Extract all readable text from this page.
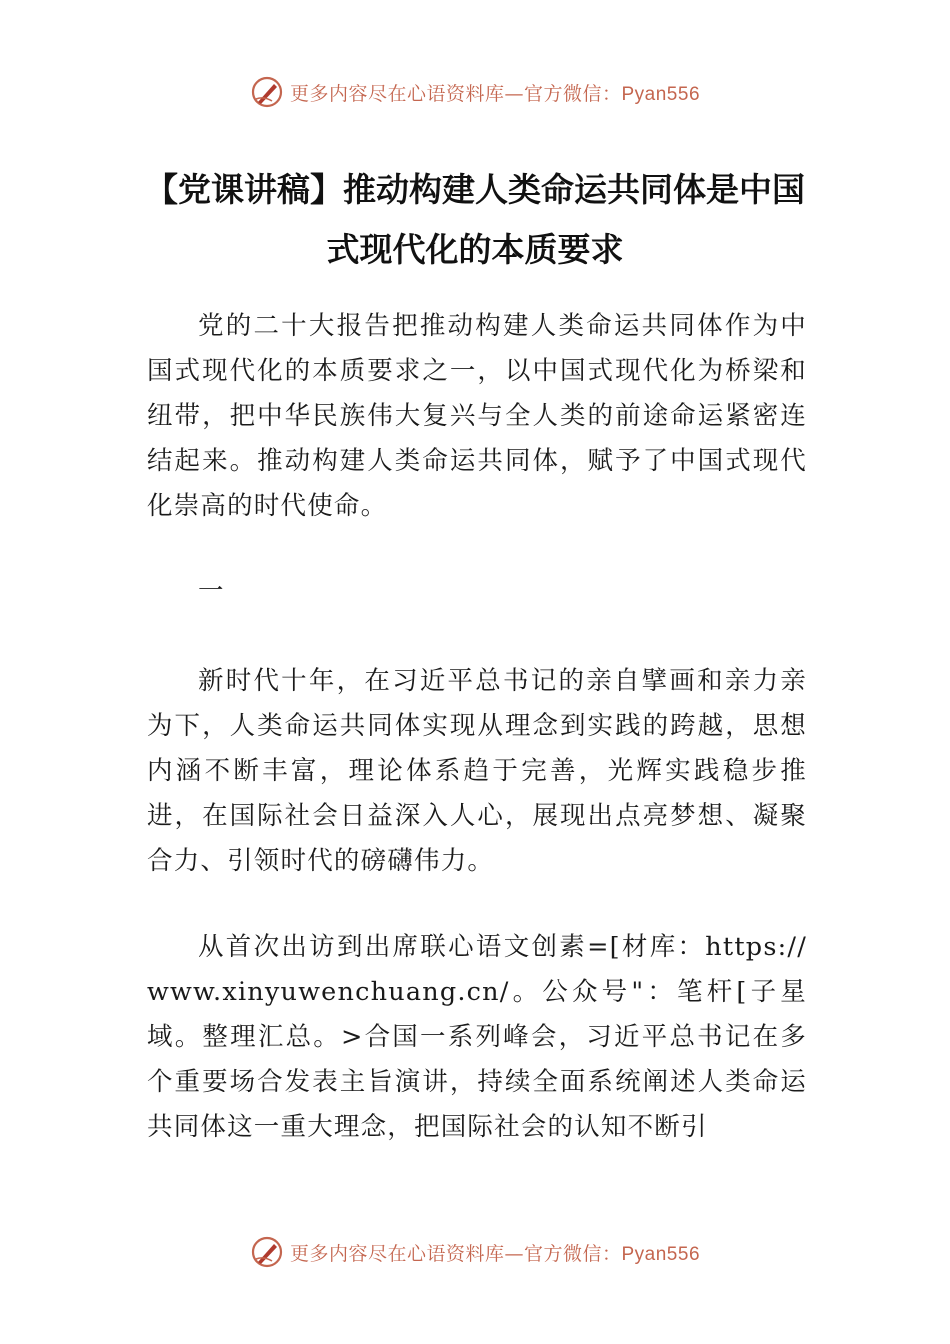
更多内容尽在心语资料库—官方微信：Pyan556
【党课讲稿】推动构建人类命运共同体是中国式现代化的本质要求

党的二十大报告把推动构建人类命运共同体作为中国式现代化的本质要求之一，以中国式现代化为桥梁和纽带，把中华民族伟大复兴与全人类的前途命运紧密连结起来。推动构建人类命运共同体，赋予了中国式现代化崇高的时代使命。

一

新时代十年，在习近平总书记的亲自擘画和亲力亲为下，人类命运共同体实现从理念到实践的跨越，思想内涵不断丰富，理论体系趋于完善，光辉实践稳步推进，在国际社会日益深入人心，展现出点亮梦想、凝聚合力、引领时代的磅礴伟力。

从首次出访到出席联心语文创素=[材库：https://www.xinyuwenchuang.cn/。公众号"：笔杆[子星域。整理汇总。>合国一系列峰会，习近平总书记在多个重要场合发表主旨演讲，持续全面系统阐述人类命运共同体这一重大理念，把国际社会的认知不断引

更多内容尽在心语资料库—官方微信：Pyan556
